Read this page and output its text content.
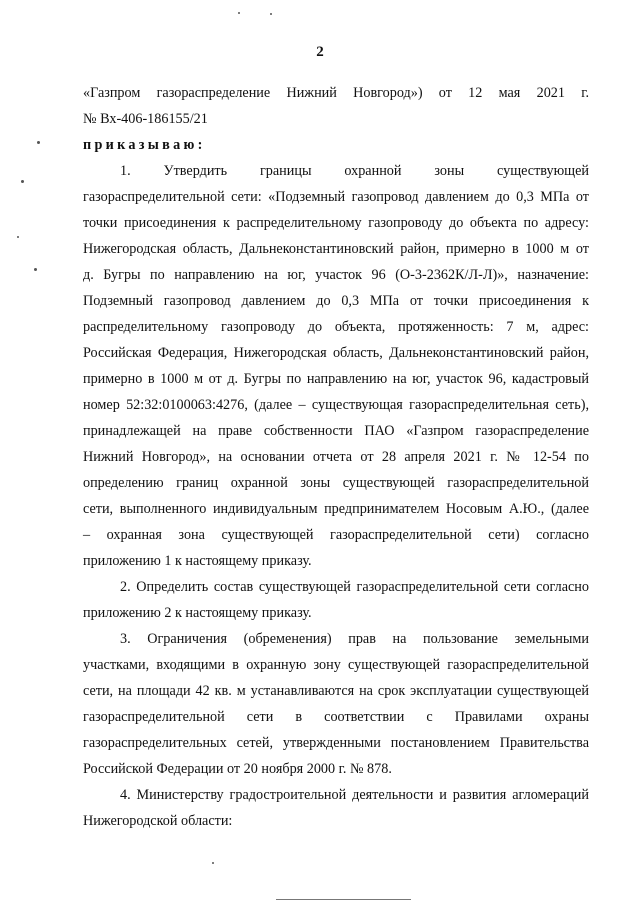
2

«Газпром газораспределение Нижний Новгород») от 12 мая 2021 г.

№ Вх-406-186155/21

приказываю:

1. Утвердить границы охранной зоны существующей

газораспределительной сети: «Подземный газопровод давлением до 0,3 МПа от

точки присоединения к распределительному газопроводу до объекта по адресу:

Нижегородская область, Дальнеконстантиновский район, примерно в 1000 м от

д. Бугры по направлению на юг, участок 96 (О-3-2362К/Л-Л)», назначение:

Подземный газопровод давлением до 0,3 МПа от точки присоединения к

распределительному газопроводу до объекта, протяженность: 7 м, адрес:

Российская Федерация, Нижегородская область, Дальнеконстантиновский район,

примерно в 1000 м от д. Бугры по направлению на юг, участок 96, кадастровый

номер 52:32:0100063:4276, (далее – существующая газораспределительная сеть),

принадлежащей на праве собственности ПАО «Газпром газораспределение

Нижний Новгород», на основании отчета от 28 апреля 2021 г. № 12-54 по

определению границ охранной зоны существующей газораспределительной

сети, выполненного индивидуальным предпринимателем Носовым А.Ю., (далее

– охранная зона существующей газораспределительной сети) согласно

приложению 1 к настоящему приказу.

2. Определить состав существующей газораспределительной сети согласно

приложению 2 к настоящему приказу.

3. Ограничения (обременения) прав на пользование земельными

участками, входящими в охранную зону существующей газораспределительной

сети, на площади 42 кв. м устанавливаются на срок эксплуатации существующей

газораспределительной сети в соответствии с Правилами охраны

газораспределительных сетей, утвержденными постановлением Правительства

Российской Федерации от 20 ноября 2000 г. № 878.

4. Министерству градостроительной деятельности и развития агломераций

Нижегородской области:
